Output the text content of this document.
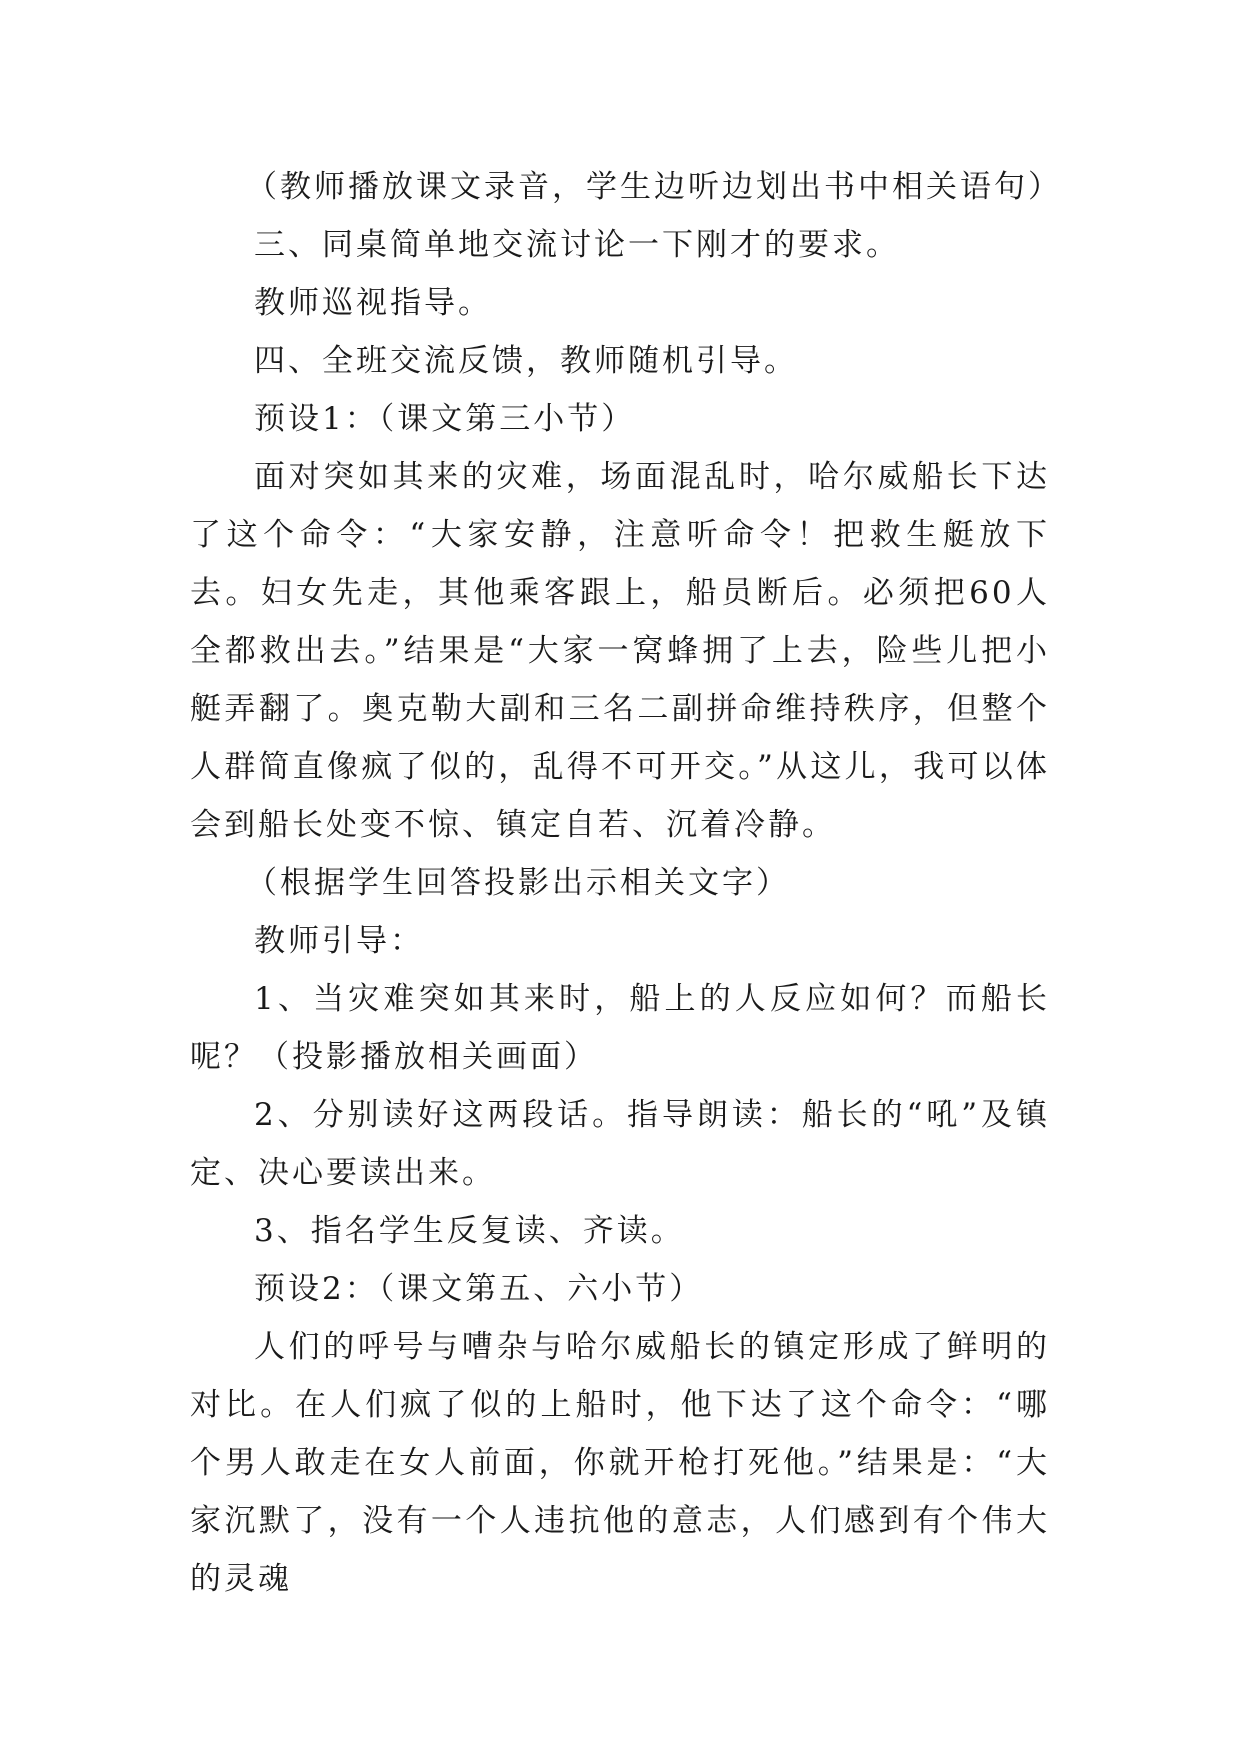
（教师播放课文录音，学生边听边划出书中相关语句）

三、同桌简单地交流讨论一下刚才的要求。

教师巡视指导。

四、全班交流反馈，教师随机引导。

预设1：（课文第三小节）

面对突如其来的灾难，场面混乱时，哈尔威船长下达了这个命令：“大家安静，注意听命令！把救生艇放下去。妇女先走，其他乘客跟上，船员断后。必须把60人全都救出去。”结果是“大家一窝蜂拥了上去，险些儿把小艇弄翻了。奥克勒大副和三名二副拼命维持秩序，但整个人群简直像疯了似的，乱得不可开交。”从这儿，我可以体会到船长处变不惊、镇定自若、沉着冷静。

（根据学生回答投影出示相关文字）

教师引导：

1、当灾难突如其来时，船上的人反应如何？而船长呢？（投影播放相关画面）

2、分别读好这两段话。指导朗读：船长的“吼”及镇定、决心要读出来。

3、指名学生反复读、齐读。

预设2：（课文第五、六小节）

人们的呼号与嘈杂与哈尔威船长的镇定形成了鲜明的对比。在人们疯了似的上船时，他下达了这个命令：“哪个男人敢走在女人前面，你就开枪打死他。”结果是：“大家沉默了，没有一个人违抗他的意志，人们感到有个伟大的灵魂
